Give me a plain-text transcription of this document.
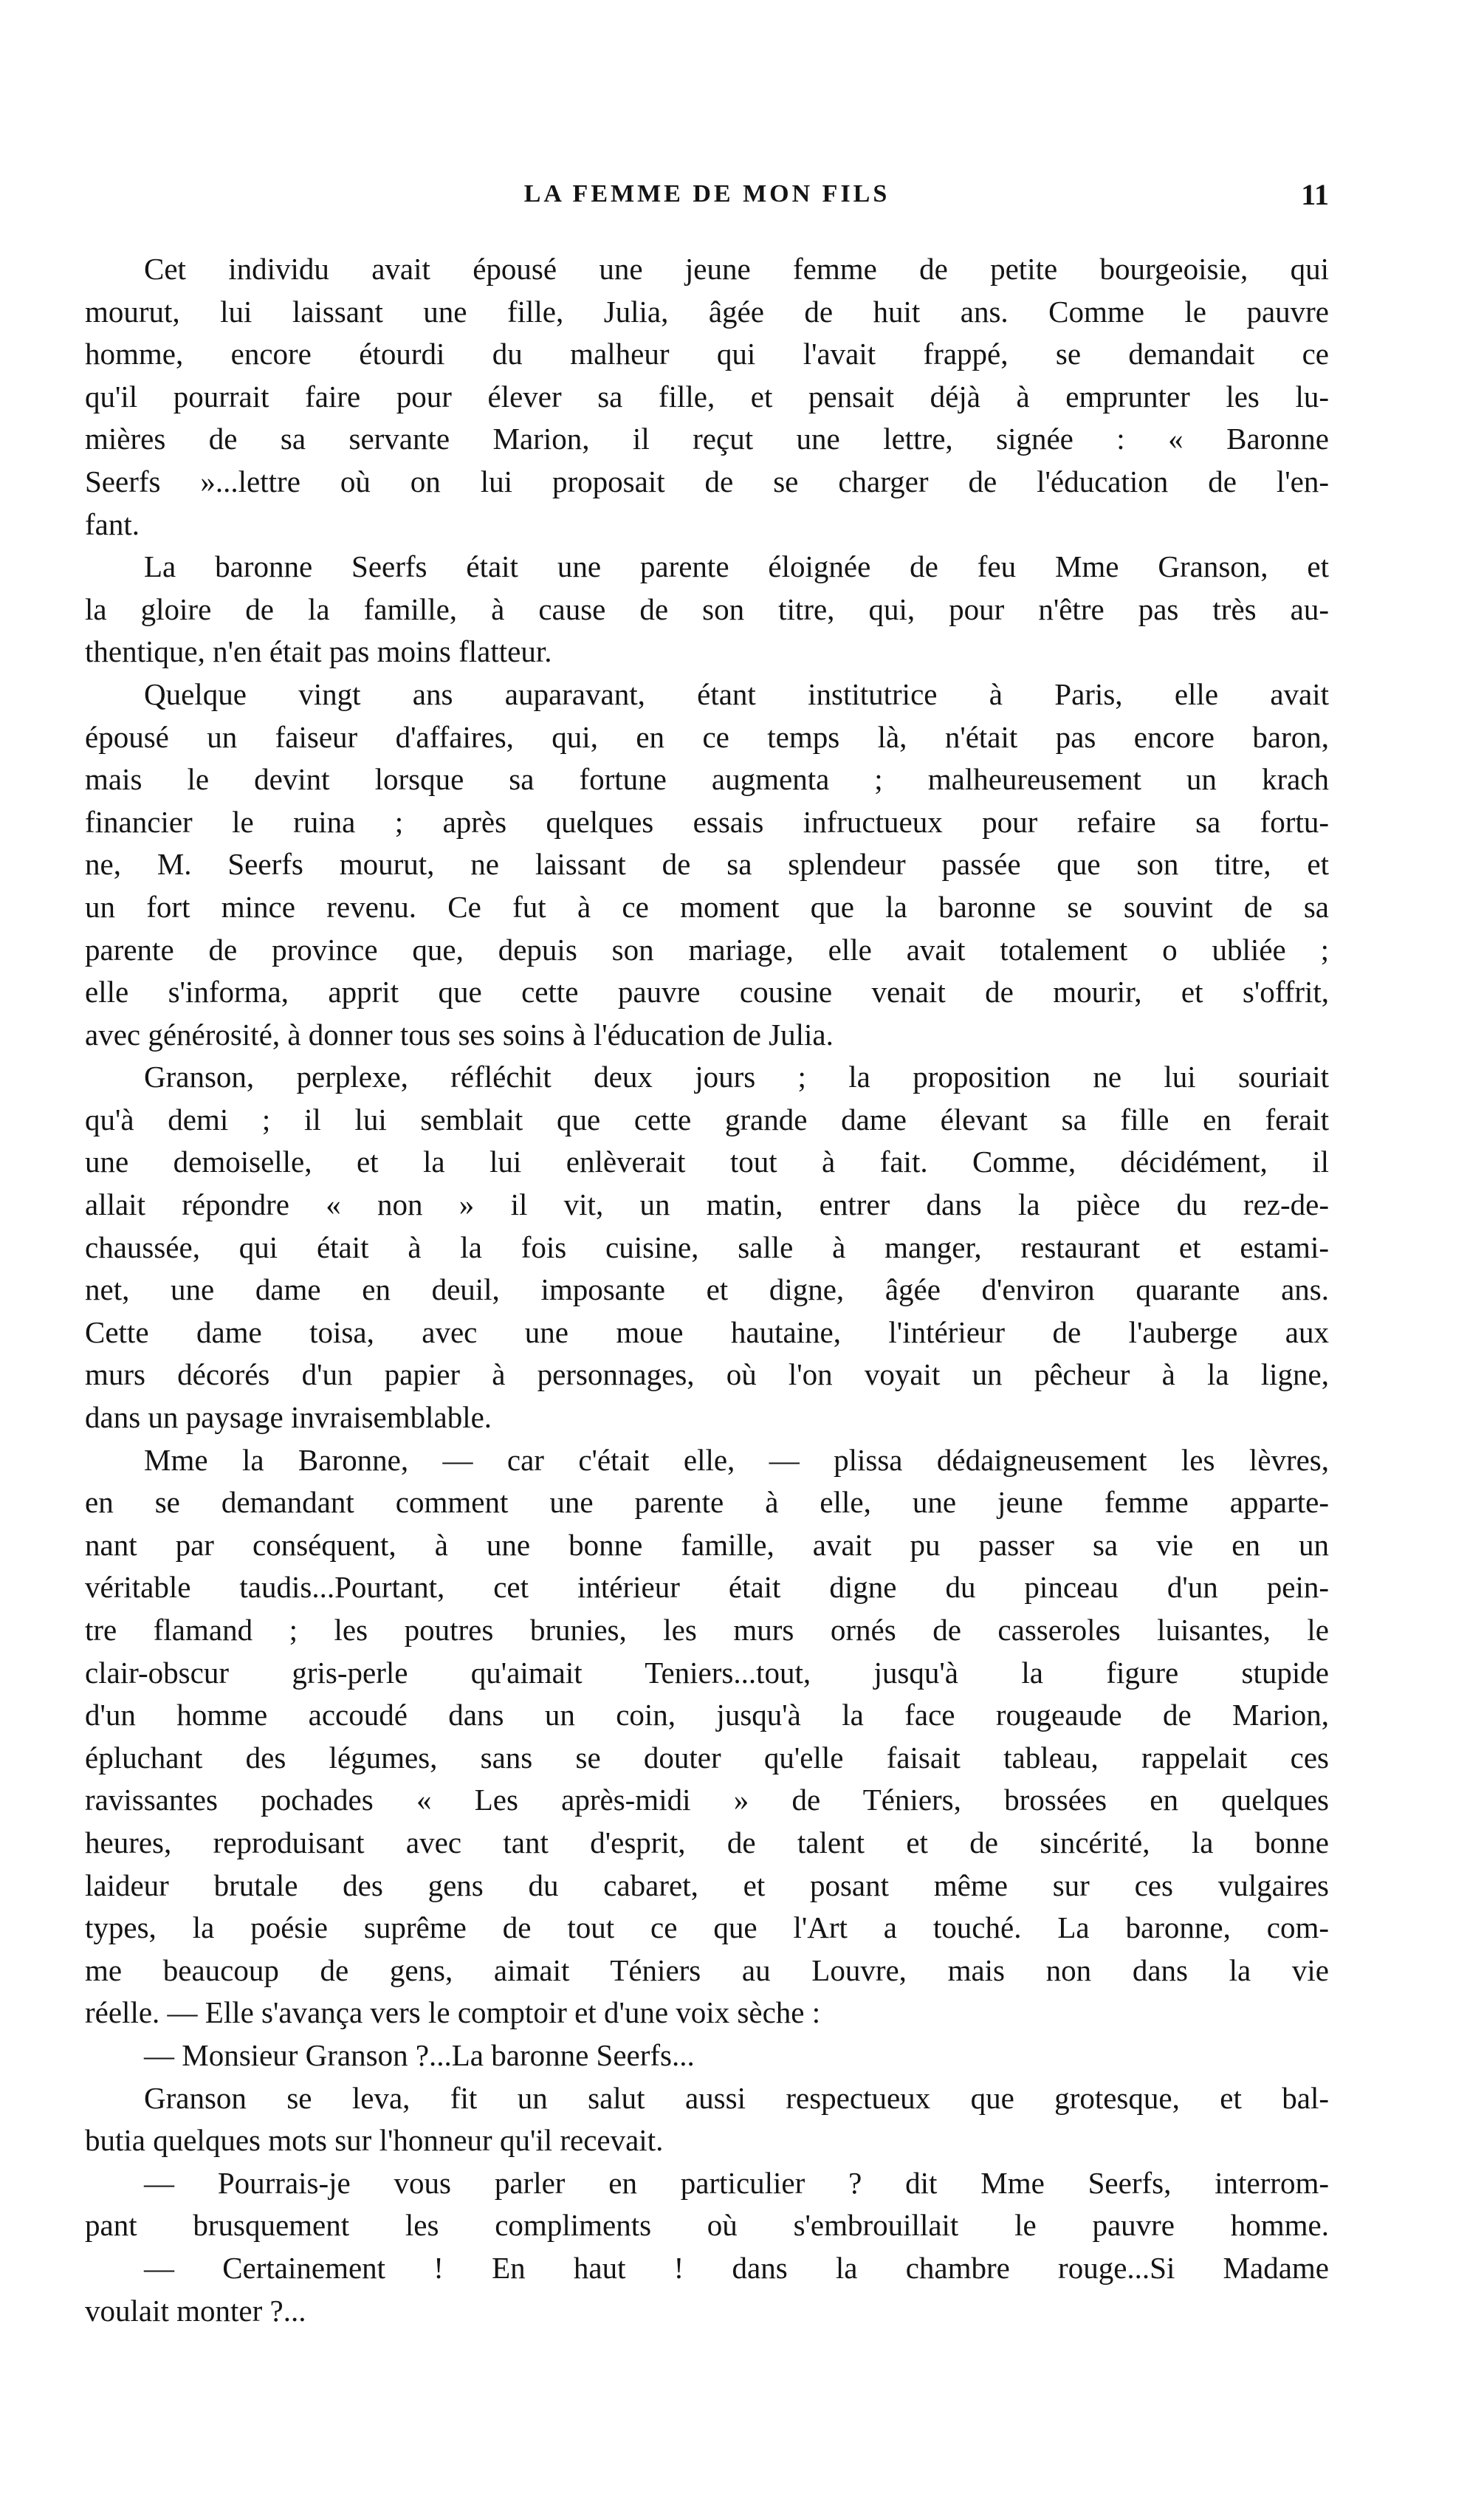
LA FEMME DE MON FILS	11
Cet individu avait épousé une jeune femme de petite bourgeoisie, qui
mourut, lui laissant une fille, Julia, âgée de huit ans. Comme le pauvre
homme, encore étourdi du malheur qui l'avait frappé, se demandait ce
qu'il pourrait faire pour élever sa fille, et pensait déjà à emprunter les lu-
mières de sa servante Marion, il reçut une lettre, signée : « Baronne
Seerfs »...lettre où on lui proposait de se charger de l'éducation de l'en-
fant.
La baronne Seerfs était une parente éloignée de feu Mme Granson, et
la gloire de la famille, à cause de son titre, qui, pour n'être pas très au-
thentique, n'en était pas moins flatteur.
Quelque vingt ans auparavant, étant institutrice à Paris, elle avait
épousé un faiseur d'affaires, qui, en ce temps là, n'était pas encore baron,
mais le devint lorsque sa fortune augmenta ; malheureusement un krach
financier le ruina ; après quelques essais infructueux pour refaire sa fortu-
ne, M. Seerfs mourut, ne laissant de sa splendeur passée que son titre, et
un fort mince revenu. Ce fut à ce moment que la baronne se souvint de sa
parente de province que, depuis son mariage, elle avait totalement o ubliée ;
elle s'informa, apprit que cette pauvre cousine venait de mourir, et s'offrit,
avec générosité, à donner tous ses soins à l'éducation de Julia.
Granson, perplexe, réfléchit deux jours ; la proposition ne lui souriait
qu'à demi ; il lui semblait que cette grande dame élevant sa fille en ferait
une demoiselle, et la lui enlèverait tout à fait. Comme, décidément, il
allait répondre « non » il vit, un matin, entrer dans la pièce du rez-de-
chaussée, qui était à la fois cuisine, salle à manger, restaurant et estami-
net, une dame en deuil, imposante et digne, âgée d'environ quarante ans.
Cette dame toisa, avec une moue hautaine, l'intérieur de l'auberge aux
murs décorés d'un papier à personnages, où l'on voyait un pêcheur à la ligne,
dans un paysage invraisemblable.
Mme la Baronne, — car c'était elle, — plissa dédaigneusement les lèvres,
en se demandant comment une parente à elle, une jeune femme apparte-
nant par conséquent, à une bonne famille, avait pu passer sa vie en un
véritable taudis...Pourtant, cet intérieur était digne du pinceau d'un pein-
tre flamand ; les poutres brunies, les murs ornés de casseroles luisantes, le
clair-obscur gris-perle qu'aimait Teniers...tout, jusqu'à la figure stupide
d'un homme accoudé dans un coin, jusqu'à la face rougeaude de Marion,
épluchant des légumes, sans se douter qu'elle faisait tableau, rappelait ces
ravissantes pochades « Les après-midi » de Téniers, brossées en quelques
heures, reproduisant avec tant d'esprit, de talent et de sincérité, la bonne
laideur brutale des gens du cabaret, et posant même sur ces vulgaires
types, la poésie suprême de tout ce que l'Art a touché. La baronne, com-
me beaucoup de gens, aimait Téniers au Louvre, mais non dans la vie
réelle. — Elle s'avança vers le comptoir et d'une voix sèche :
— Monsieur Granson ?...La baronne Seerfs...
Granson se leva, fit un salut aussi respectueux que grotesque, et bal-
butia quelques mots sur l'honneur qu'il recevait.
— Pourrais-je vous parler en particulier ? dit Mme Seerfs, interrom-
pant brusquement les compliments où s'embrouillait le pauvre homme.
— Certainement ! En haut ! dans la chambre rouge...Si Madame
voulait monter ?...
